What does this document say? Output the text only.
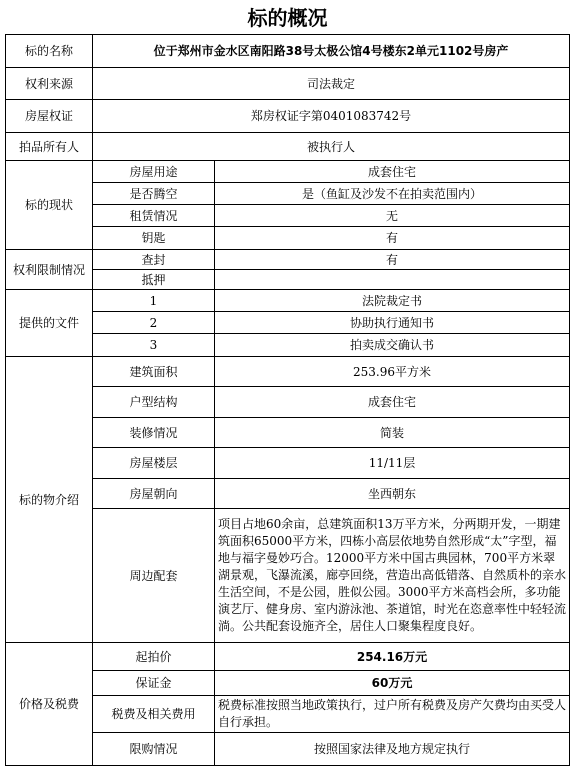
标的概况
标的名称	位于郑州市金水区南阳路38号太极公馆4号楼东2单元1102号房产	
权利来源	司法裁定	
房屋权证	郑房权证字第0401083742号	
拍品所有人	被执行人	
标的现状	房屋用途	成套住宅
	是否腾空	是（鱼缸及沙发不在拍卖范围内）
	租赁情况	无
	钥匙	有
权利限制情况	查封	有
	抵押	
提供的文件	1	法院裁定书
	2	协助执行通知书
	3	拍卖成交确认书
标的物介绍	建筑面积	253.96平方米
	户型结构	成套住宅
	装修情况	简装
	房屋楼层	11/11层
	房屋朝向	坐西朝东
	周边配套	项目占地60余亩，总建筑面积13万平方米，分两期开发，一期建筑面积65000平方米，四栋小高层依地势自然形成“太”字型，福地与福字曼妙巧合。12000平方米中国古典园林，700平方米翠湖景观，飞瀑流溪，廊亭回绕，营造出高低错落、自然质朴的亲水生活空间，不是公园，胜似公园。3000平方米高档会所，多功能演艺厅、健身房、室内游泳池、茶道馆，时光在恣意率性中轻轻流淌。公共配套设施齐全，居住人口聚集程度良好。
价格及税费	起拍价	254.16万元
	保证金	60万元
	税费及相关费用	税费标准按照当地政策执行，过户所有税费及房产欠费均由买受人自行承担。
	限购情况	按照国家法律及地方规定执行
